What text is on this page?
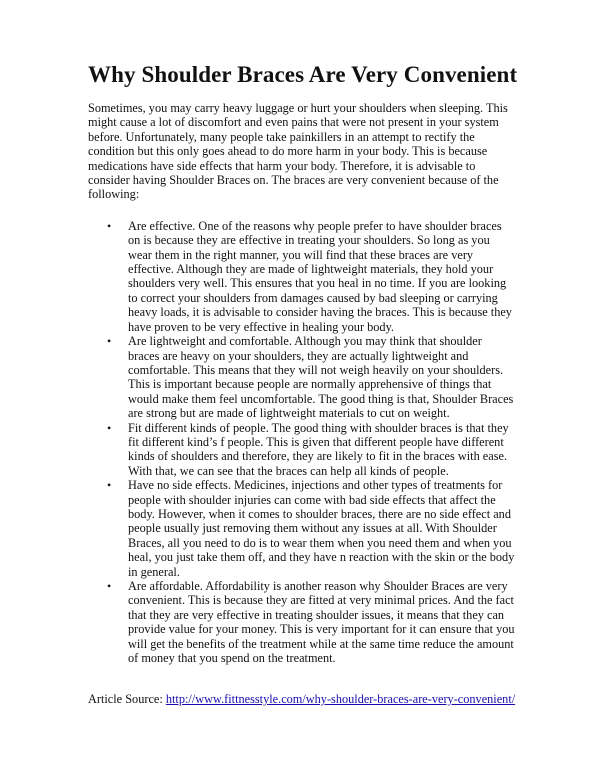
Why Shoulder Braces Are Very Convenient

Sometimes, you may carry heavy luggage or hurt your shoulders when sleeping. This might cause a lot of discomfort and even pains that were not present in your system before. Unfortunately, many people take painkillers in an attempt to rectify the condition but this only goes ahead to do more harm in your body. This is because medications have side effects that harm your body. Therefore, it is advisable to consider having Shoulder Braces on. The braces are very convenient because of the following:

• Are effective. One of the reasons why people prefer to have shoulder braces on is because they are effective in treating your shoulders. So long as you wear them in the right manner, you will find that these braces are very effective. Although they are made of lightweight materials, they hold your shoulders very well. This ensures that you heal in no time. If you are looking to correct your shoulders from damages caused by bad sleeping or carrying heavy loads, it is advisable to consider having the braces. This is because they have proven to be very effective in healing your body.
• Are lightweight and comfortable. Although you may think that shoulder braces are heavy on your shoulders, they are actually lightweight and comfortable. This means that they will not weigh heavily on your shoulders. This is important because people are normally apprehensive of things that would make them feel uncomfortable. The good thing is that, Shoulder Braces are strong but are made of lightweight materials to cut on weight.
• Fit different kinds of people. The good thing with shoulder braces is that they fit different kind’s f people. This is given that different people have different kinds of shoulders and therefore, they are likely to fit in the braces with ease. With that, we can see that the braces can help all kinds of people.
• Have no side effects. Medicines, injections and other types of treatments for people with shoulder injuries can come with bad side effects that affect the body. However, when it comes to shoulder braces, there are no side effect and people usually just removing them without any issues at all. With Shoulder Braces, all you need to do is to wear them when you need them and when you heal, you just take them off, and they have n reaction with the skin or the body in general.
• Are affordable. Affordability is another reason why Shoulder Braces are very convenient. This is because they are fitted at very minimal prices. And the fact that they are very effective in treating shoulder issues, it means that they can provide value for your money. This is very important for it can ensure that you will get the benefits of the treatment while at the same time reduce the amount of money that you spend on the treatment.

Article Source: http://www.fittnesstyle.com/why-shoulder-braces-are-very-convenient/
